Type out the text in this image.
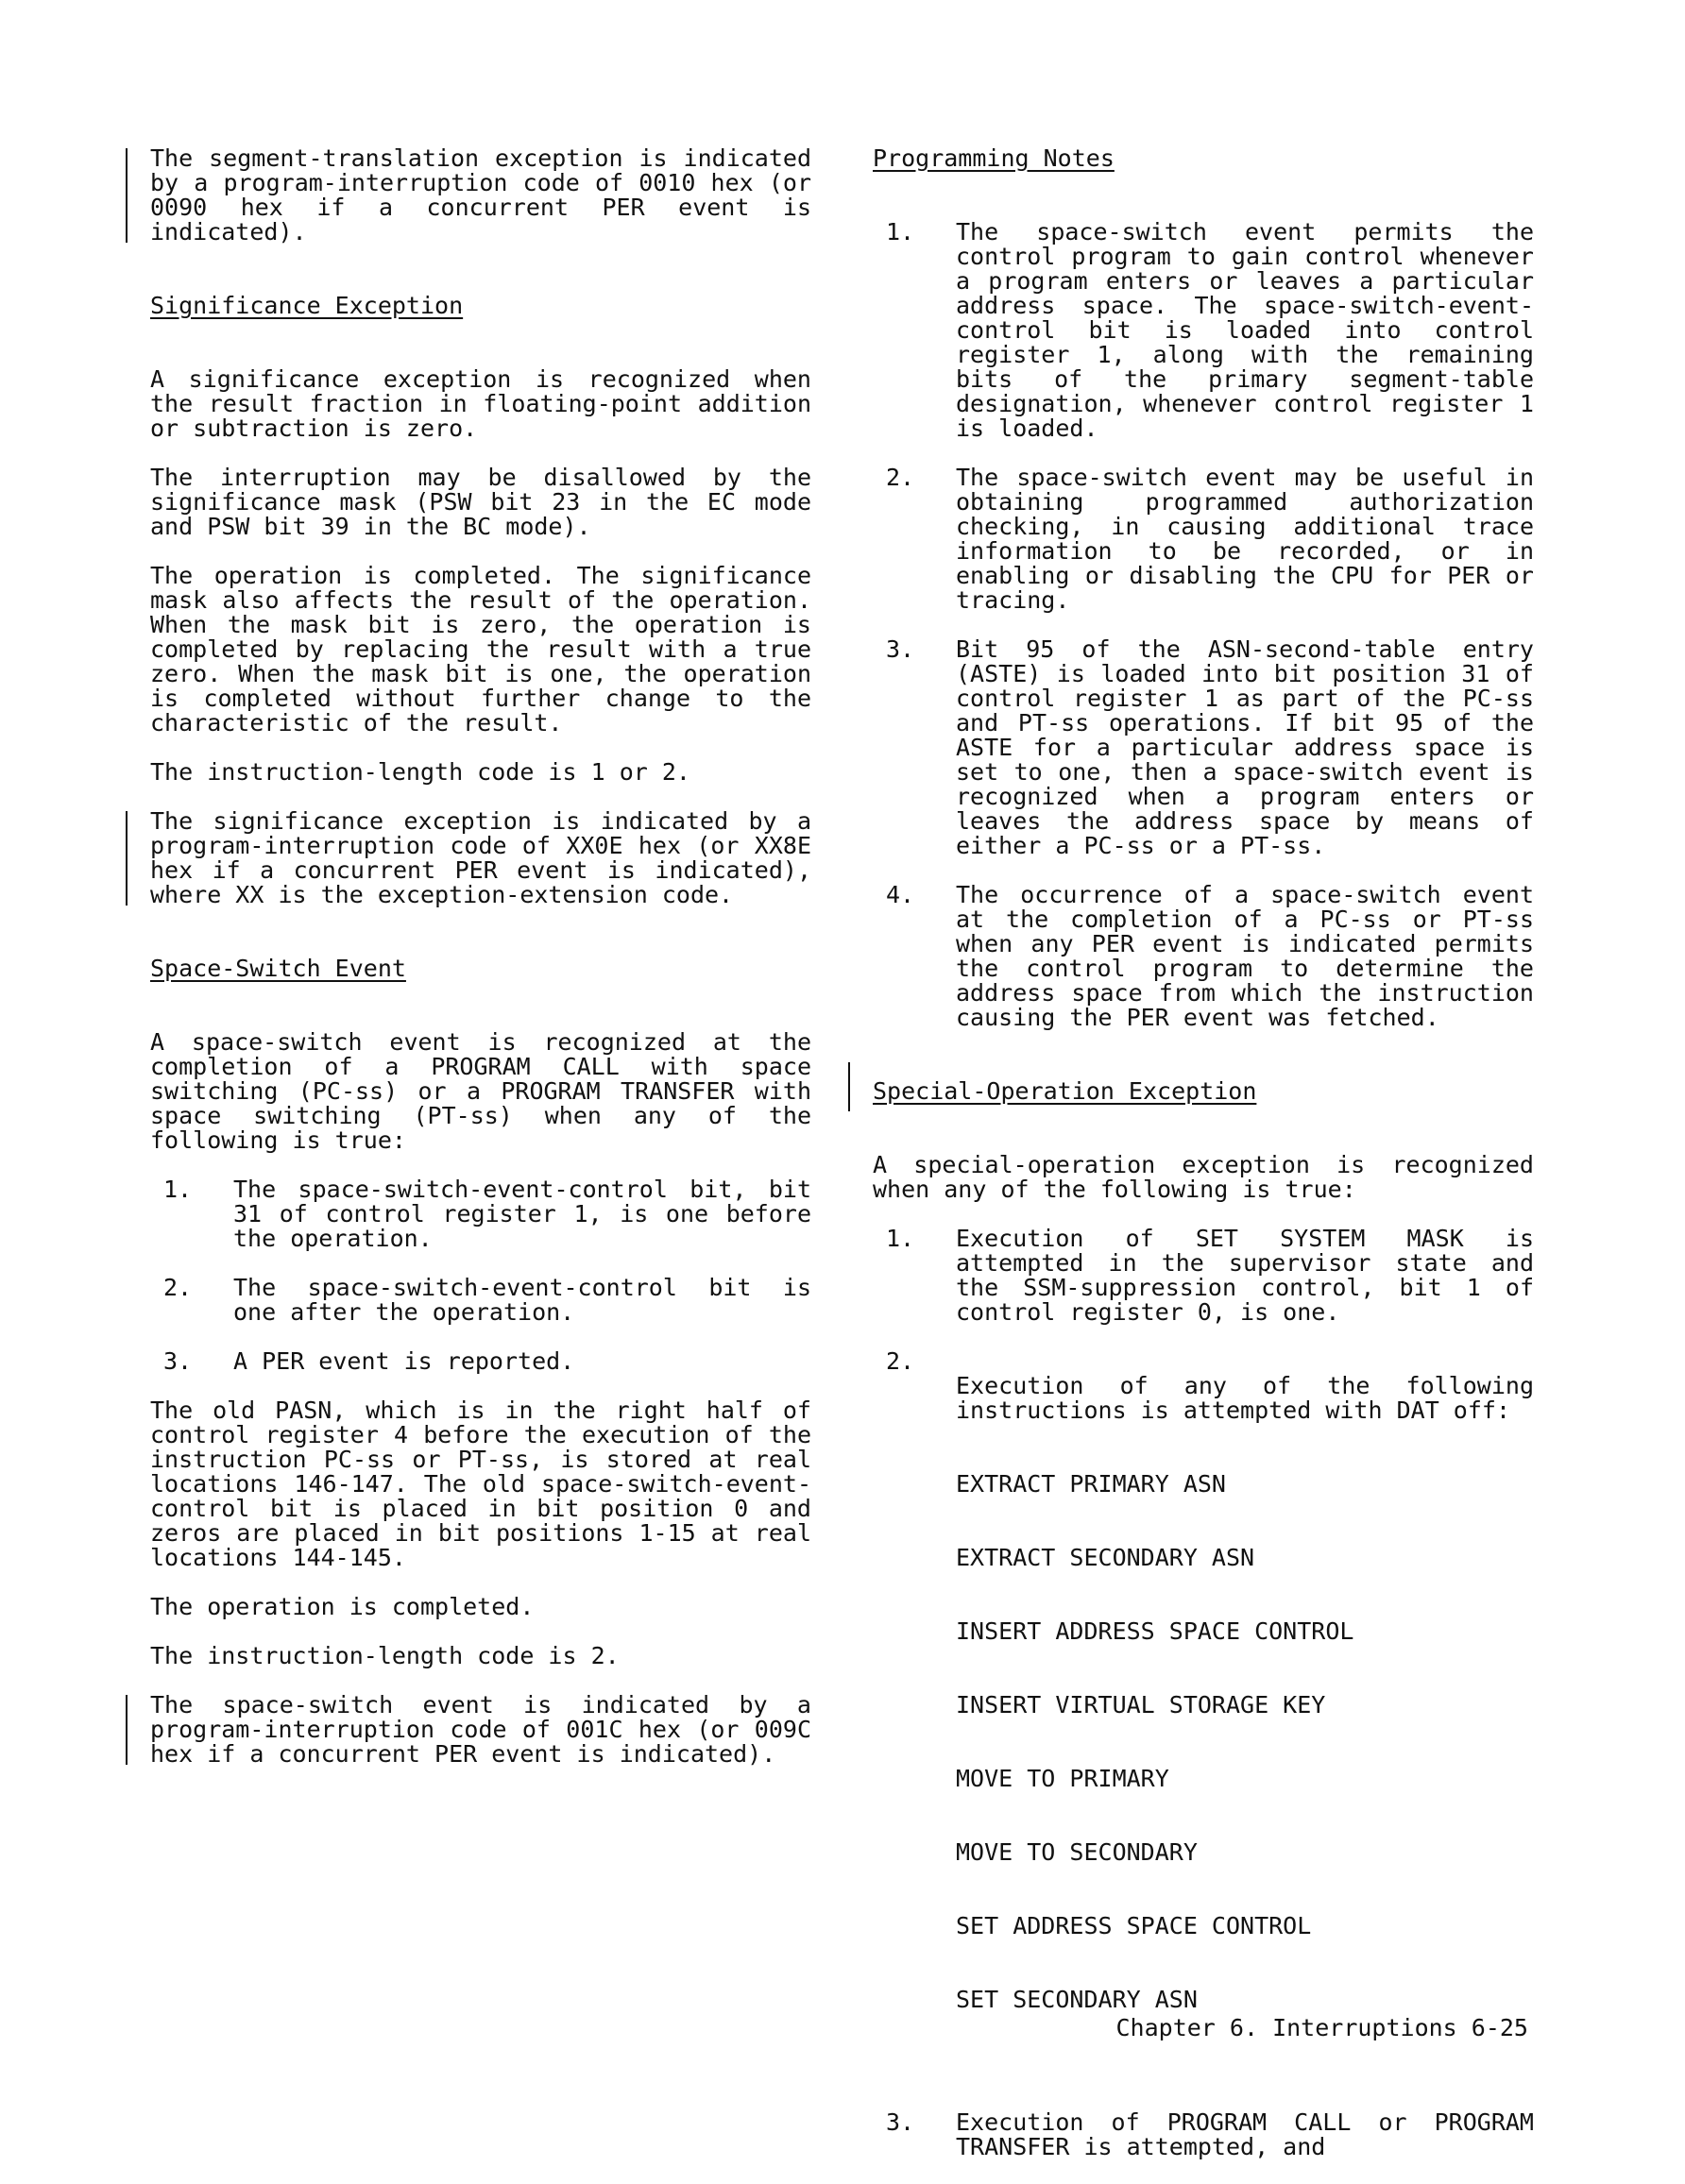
The segment-translation exception is indicated by a program-interruption code of 0010 hex (or 0090 hex if a concurrent PER event is indicated).

Significance Exception

A significance exception is recognized when the result fraction in floating-point addition or subtraction is zero.

The interruption may be disallowed by the significance mask (PSW bit 23 in the EC mode and PSW bit 39 in the BC mode).

The operation is completed. The significance mask also affects the result of the operation. When the mask bit is zero, the operation is completed by replacing the result with a true zero. When the mask bit is one, the operation is completed without further change to the characteristic of the result.

The instruction-length code is 1 or 2.

The significance exception is indicated by a program-interruption code of XX0E hex (or XX8E hex if a concurrent PER event is indicated), where XX is the exception-extension code.

Space-Switch Event

A space-switch event is recognized at the completion of a PROGRAM CALL with space switching (PC-ss) or a PROGRAM TRANSFER with space switching (PT-ss) when any of the following is true:

1.	The space-switch-event-control bit, bit 31 of control register 1, is one before the operation.
2.	The space-switch-event-control bit is one after the operation.
3.	A PER event is reported.

The old PASN, which is in the right half of control register 4 before the execution of the instruction PC-ss or PT-ss, is stored at real locations 146-147. The old space-switch-event-control bit is placed in bit position 0 and zeros are placed in bit positions 1-15 at real locations 144-145.

The operation is completed.

The instruction-length code is 2.

The space-switch event is indicated by a program-interruption code of 001C hex (or 009C hex if a concurrent PER event is indicated).

Programming Notes
1.	The space-switch event permits the control program to gain control whenever a program enters or leaves a particular address space. The space-switch-event-control bit is loaded into control register 1, along with the remaining bits of the primary segment-table designation, whenever control register 1 is loaded.
2.	The space-switch event may be useful in obtaining programmed authorization checking, in causing additional trace information to be recorded, or in enabling or disabling the CPU for PER or tracing.
3.	Bit 95 of the ASN-second-table entry (ASTE) is loaded into bit position 31 of control register 1 as part of the PC-ss and PT-ss operations. If bit 95 of the ASTE for a particular address space is set to one, then a space-switch event is recognized when a program enters or leaves the address space by means of either a PC-ss or a PT-ss.
4.	The occurrence of a space-switch event at the completion of a PC-ss or PT-ss when any PER event is indicated permits the control program to determine the address space from which the instruction causing the PER event was fetched.
Special-Operation Exception

A special-operation exception is recognized when any of the following is true:

1.	Execution of SET SYSTEM MASK is attempted in the supervisor state and the SSM-suppression control, bit 1 of control register 0, is one.
2.

Execution of any of the following instructions is attempted with DAT off:

EXTRACT PRIMARY ASN

EXTRACT SECONDARY ASN

INSERT ADDRESS SPACE CONTROL

INSERT VIRTUAL STORAGE KEY

MOVE TO PRIMARY

MOVE TO SECONDARY

SET ADDRESS SPACE CONTROL

SET SECONDARY ASN

3.	Execution of PROGRAM CALL or PROGRAM TRANSFER is attempted, and
Chapter 6. Interruptions 6-25
